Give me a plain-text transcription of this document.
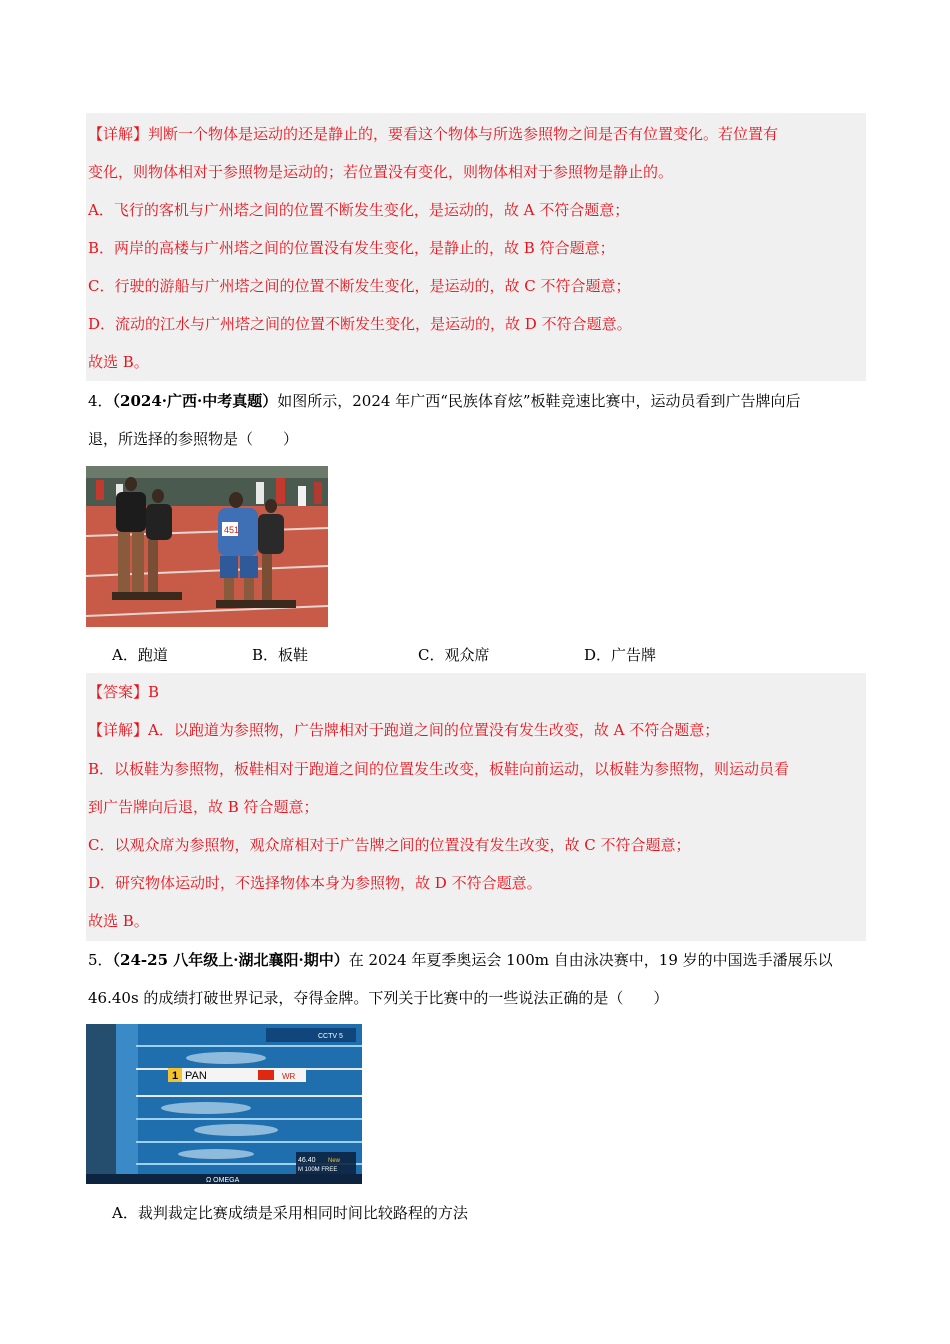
【详解】判断一个物体是运动的还是静止的，要看这个物体与所选参照物之间是否有位置变化。若位置有
变化，则物体相对于参照物是运动的；若位置没有变化，则物体相对于参照物是静止的。
A．飞行的客机与广州塔之间的位置不断发生变化，是运动的，故 A 不符合题意；
B．两岸的高楼与广州塔之间的位置没有发生变化，是静止的，故 B 符合题意；
C．行驶的游船与广州塔之间的位置不断发生变化，是运动的，故 C 不符合题意；
D．流动的江水与广州塔之间的位置不断发生变化，是运动的，故 D 不符合题意。
故选 B。
4．（2024·广西·中考真题）如图所示，2024 年广西“民族体育炫”板鞋竞速比赛中，运动员看到广告牌向后
退，所选择的参照物是（　　）
451
A．跑道	B．板鞋	C．观众席	D．广告牌
【答案】B
【详解】A．以跑道为参照物，广告牌相对于跑道之间的位置没有发生改变，故 A 不符合题意；
B．以板鞋为参照物，板鞋相对于跑道之间的位置发生改变，板鞋向前运动，以板鞋为参照物，则运动员看
到广告牌向后退，故 B 符合题意；
C．以观众席为参照物，观众席相对于广告牌之间的位置没有发生改变，故 C 不符合题意；
D．研究物体运动时，不选择物体本身为参照物，故 D 不符合题意。
故选 B。
5．（24-25 八年级上·湖北襄阳·期中）在 2024 年夏季奥运会 100m 自由泳决赛中，19 岁的中国选手潘展乐以
46.40s 的成绩打破世界记录，夺得金牌。下列关于比赛中的一些说法正确的是（　　）
1 PAN	WR
CCTV 5
Ω OMEGA
46.40 New
M 100M FREE
A．裁判裁定比赛成绩是采用相同时间比较路程的方法
